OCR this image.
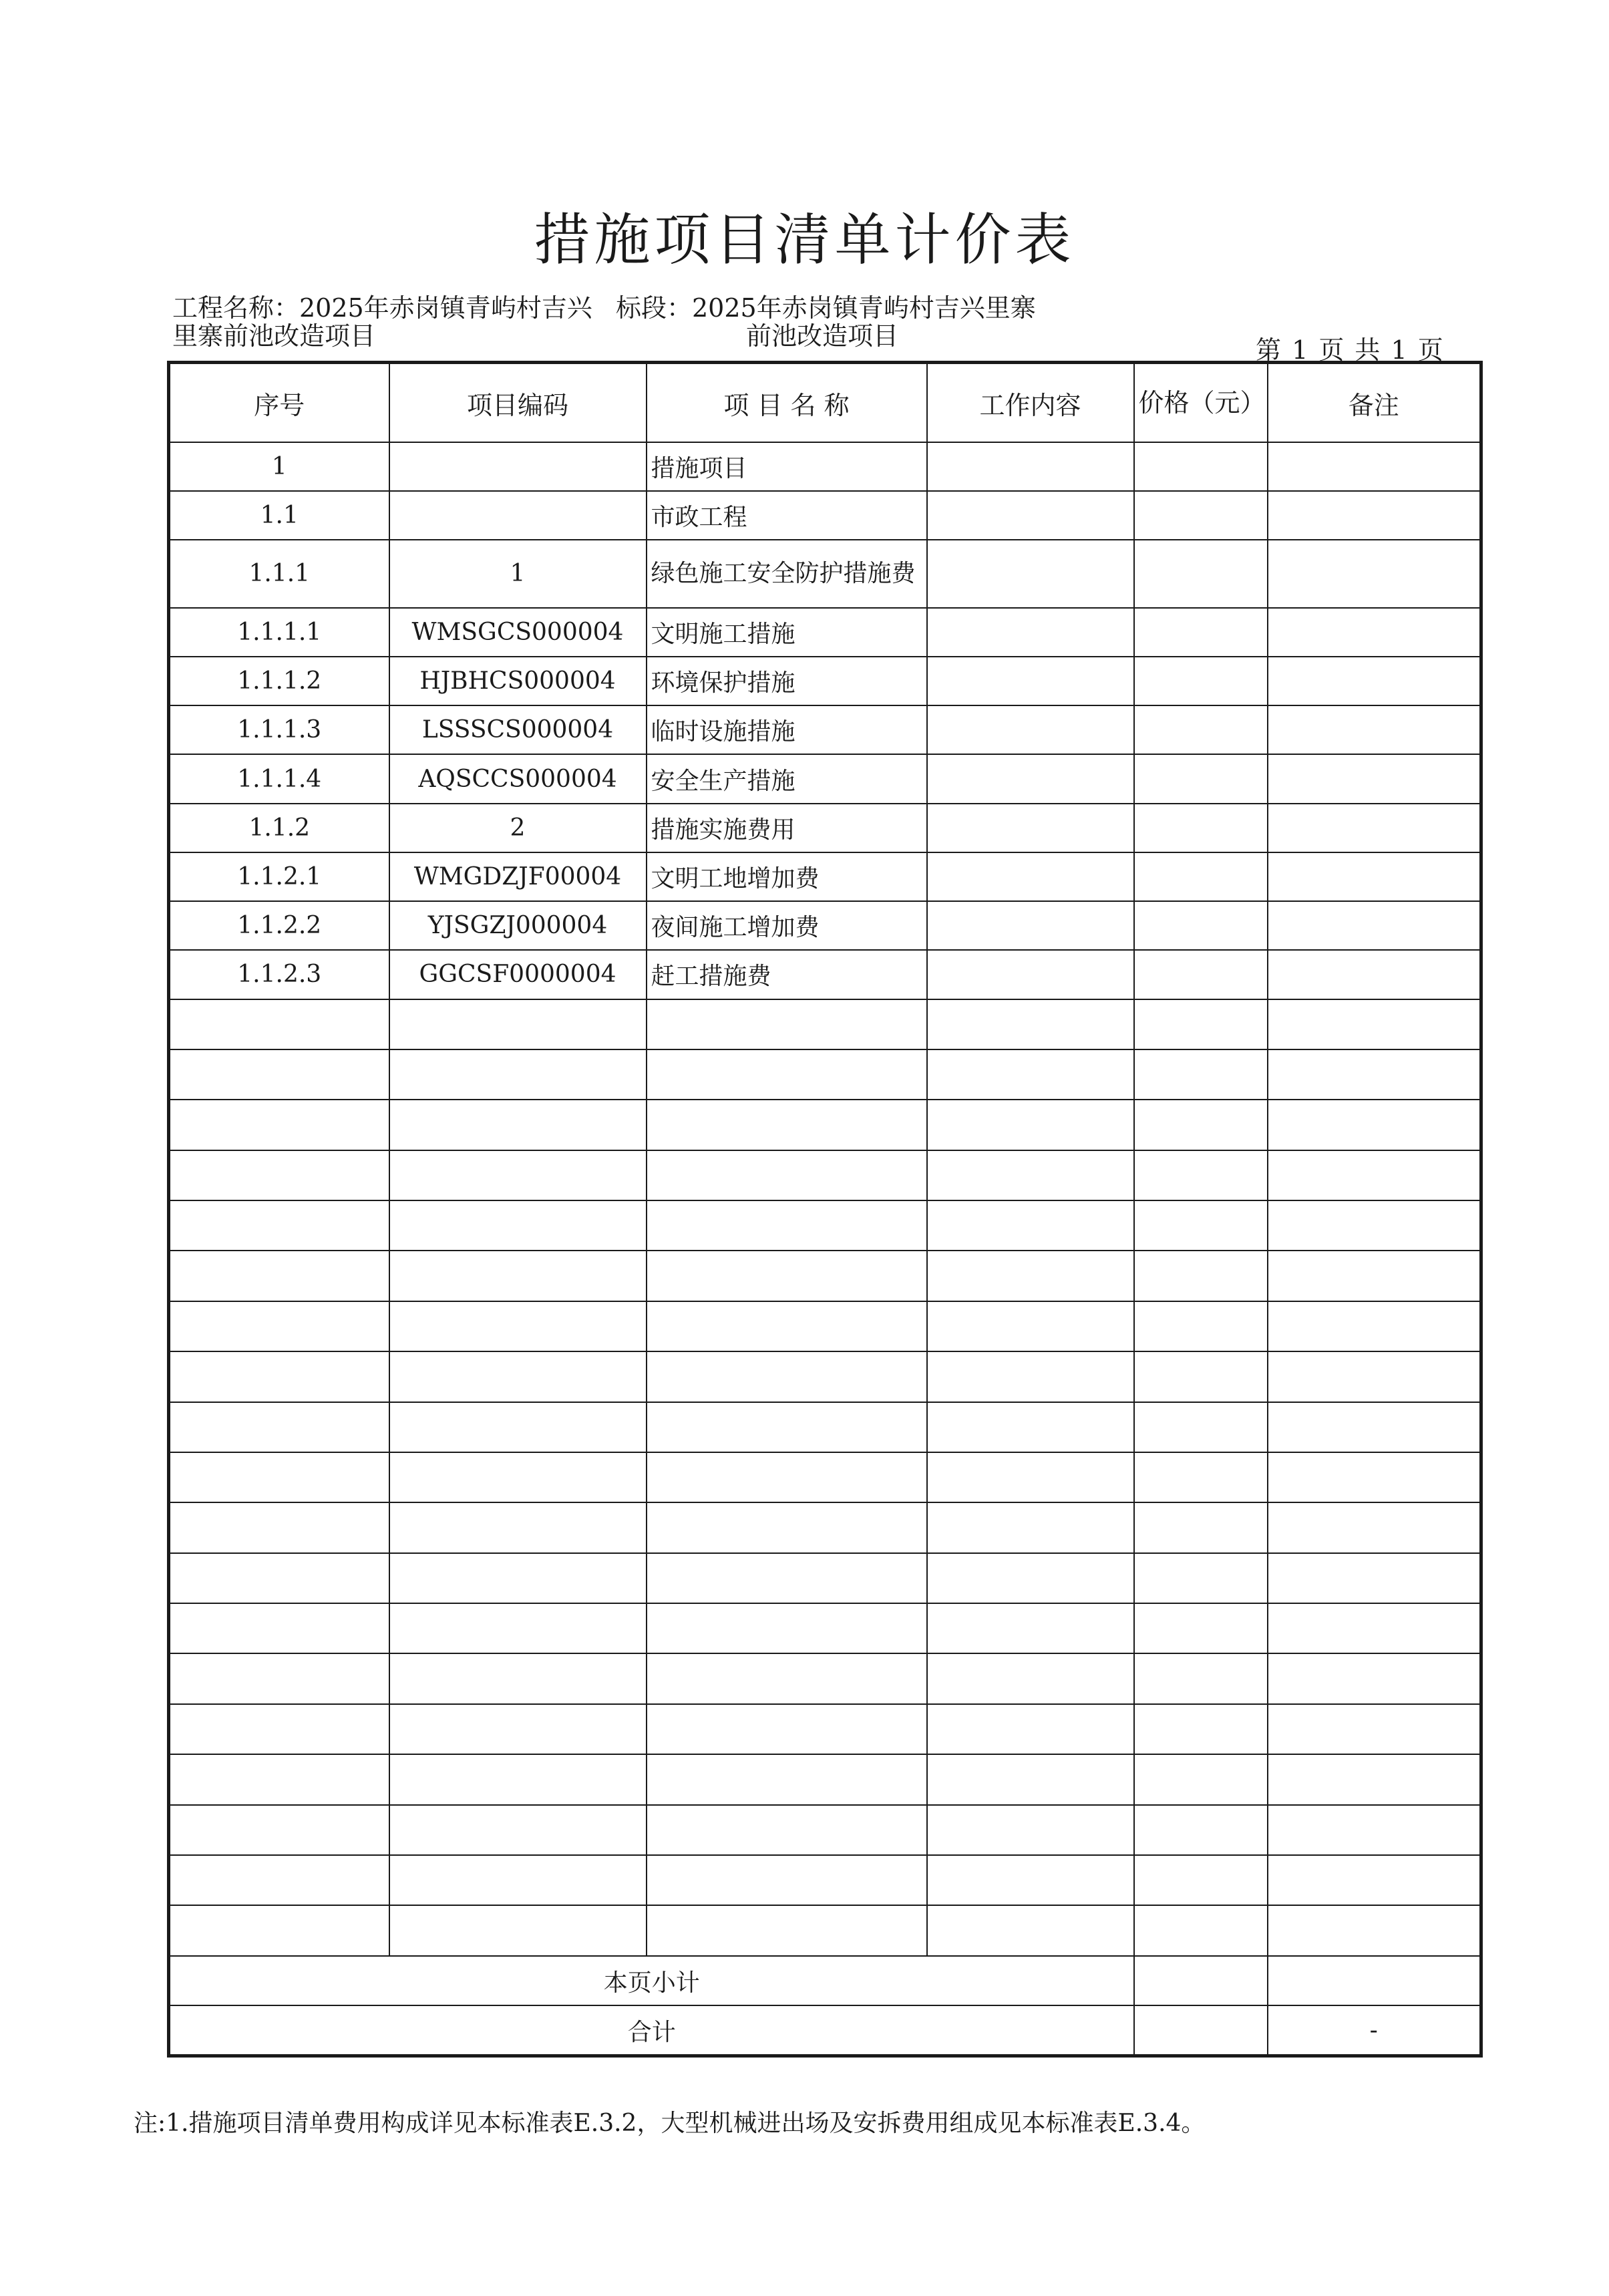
措施项目清单计价表
工程名称：2025年赤岗镇青屿村吉兴
里寨前池改造项目
标段：2025年赤岗镇青屿村吉兴里寨
前池改造项目	第 1 页 共 1 页
序号	项目编码	项 目 名 称	工作内容	价格（元）	备注
1		措施项目			
1.1		市政工程			
1.1.1	1	绿色施工安全防护措施费			
1.1.1.1	WMSGCS000004	文明施工措施			
1.1.1.2	HJBHCS000004	环境保护措施			
1.1.1.3	LSSSCS000004	临时设施措施			
1.1.1.4	AQSCCS000004	安全生产措施			
1.1.2	2	措施实施费用			
1.1.2.1	WMGDZJF00004	文明工地增加费			
1.1.2.2	YJSGZJ000004	夜间施工增加费			
1.1.2.3	GGCSF0000004	赶工措施费			

本页小计					
合计					-
注:1.措施项目清单费用构成详见本标准表E.3.2，大型机械进出场及安拆费用组成见本标准表E.3.4。
